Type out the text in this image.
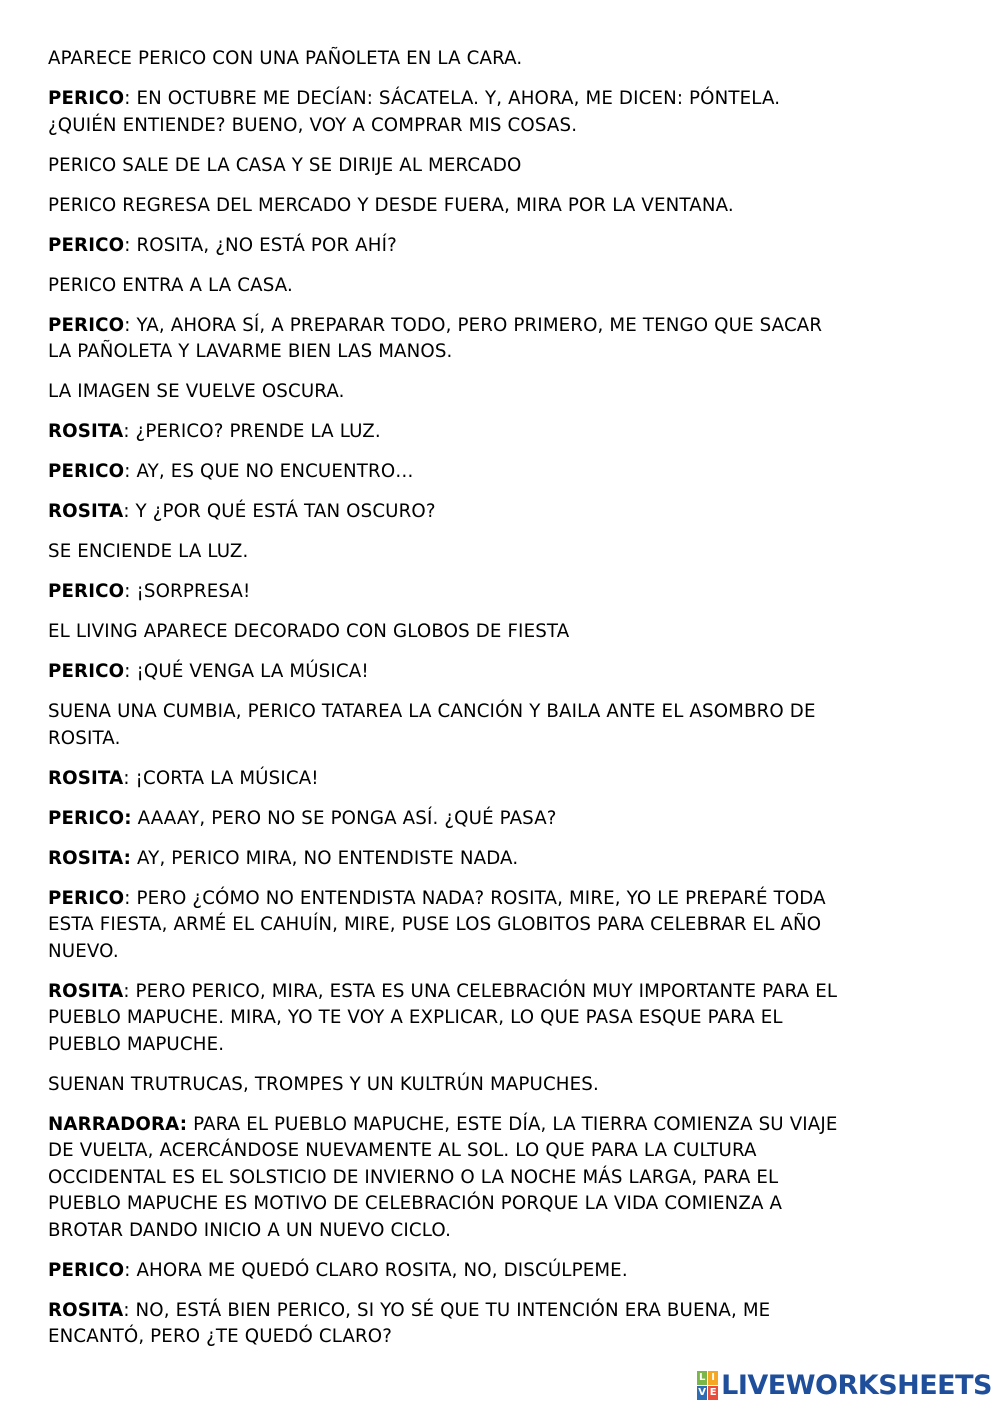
APARECE PERICO CON UNA PAÑOLETA EN LA CARA.

PERICO: EN OCTUBRE ME DECÍAN: SÁCATELA. Y, AHORA, ME DICEN: PÓNTELA.
¿QUIÉN ENTIENDE? BUENO, VOY A COMPRAR MIS COSAS.

PERICO SALE DE LA CASA Y SE DIRIJE AL MERCADO

PERICO REGRESA DEL MERCADO Y DESDE FUERA, MIRA POR LA VENTANA.

PERICO: ROSITA, ¿NO ESTÁ POR AHÍ?

PERICO ENTRA A LA CASA.

PERICO: YA, AHORA SÍ, A PREPARAR TODO, PERO PRIMERO, ME TENGO QUE SACAR
LA PAÑOLETA Y LAVARME BIEN LAS MANOS.

LA IMAGEN SE VUELVE OSCURA.

ROSITA: ¿PERICO? PRENDE LA LUZ.

PERICO: AY, ES QUE NO ENCUENTRO…

ROSITA: Y ¿POR QUÉ ESTÁ TAN OSCURO?

SE ENCIENDE LA LUZ.

PERICO: ¡SORPRESA!

EL LIVING APARECE DECORADO CON GLOBOS DE FIESTA

PERICO: ¡QUÉ VENGA LA MÚSICA!

SUENA UNA CUMBIA, PERICO TATAREA LA CANCIÓN Y BAILA ANTE EL ASOMBRO DE
ROSITA.

ROSITA: ¡CORTA LA MÚSICA!

PERICO: AAAAY, PERO NO SE PONGA ASÍ. ¿QUÉ PASA?

ROSITA: AY, PERICO MIRA, NO ENTENDISTE NADA.

PERICO: PERO ¿CÓMO NO ENTENDISTA NADA? ROSITA, MIRE, YO LE PREPARÉ TODA
ESTA FIESTA, ARMÉ EL CAHUÍN, MIRE, PUSE LOS GLOBITOS PARA CELEBRAR EL AÑO
NUEVO.

ROSITA: PERO PERICO, MIRA, ESTA ES UNA CELEBRACIÓN MUY IMPORTANTE PARA EL
PUEBLO MAPUCHE. MIRA, YO TE VOY A EXPLICAR, LO QUE PASA ESQUE PARA EL
PUEBLO MAPUCHE.

SUENAN TRUTRUCAS, TROMPES Y UN KULTRÚN MAPUCHES.

NARRADORA: PARA EL PUEBLO MAPUCHE, ESTE DÍA, LA TIERRA COMIENZA SU VIAJE
DE VUELTA, ACERCÁNDOSE NUEVAMENTE AL SOL. LO QUE PARA LA CULTURA
OCCIDENTAL ES EL SOLSTICIO DE INVIERNO O LA NOCHE MÁS LARGA, PARA EL
PUEBLO MAPUCHE ES MOTIVO DE CELEBRACIÓN PORQUE LA VIDA COMIENZA A
BROTAR DANDO INICIO A UN NUEVO CICLO.

PERICO: AHORA ME QUEDÓ CLARO ROSITA, NO, DISCÚLPEME.

ROSITA: NO, ESTÁ BIEN PERICO, SI YO SÉ QUE TU INTENCIÓN ERA BUENA, ME
ENCANTÓ, PERO ¿TE QUEDÓ CLARO?

L I
V E LIVEWORKSHEETS
